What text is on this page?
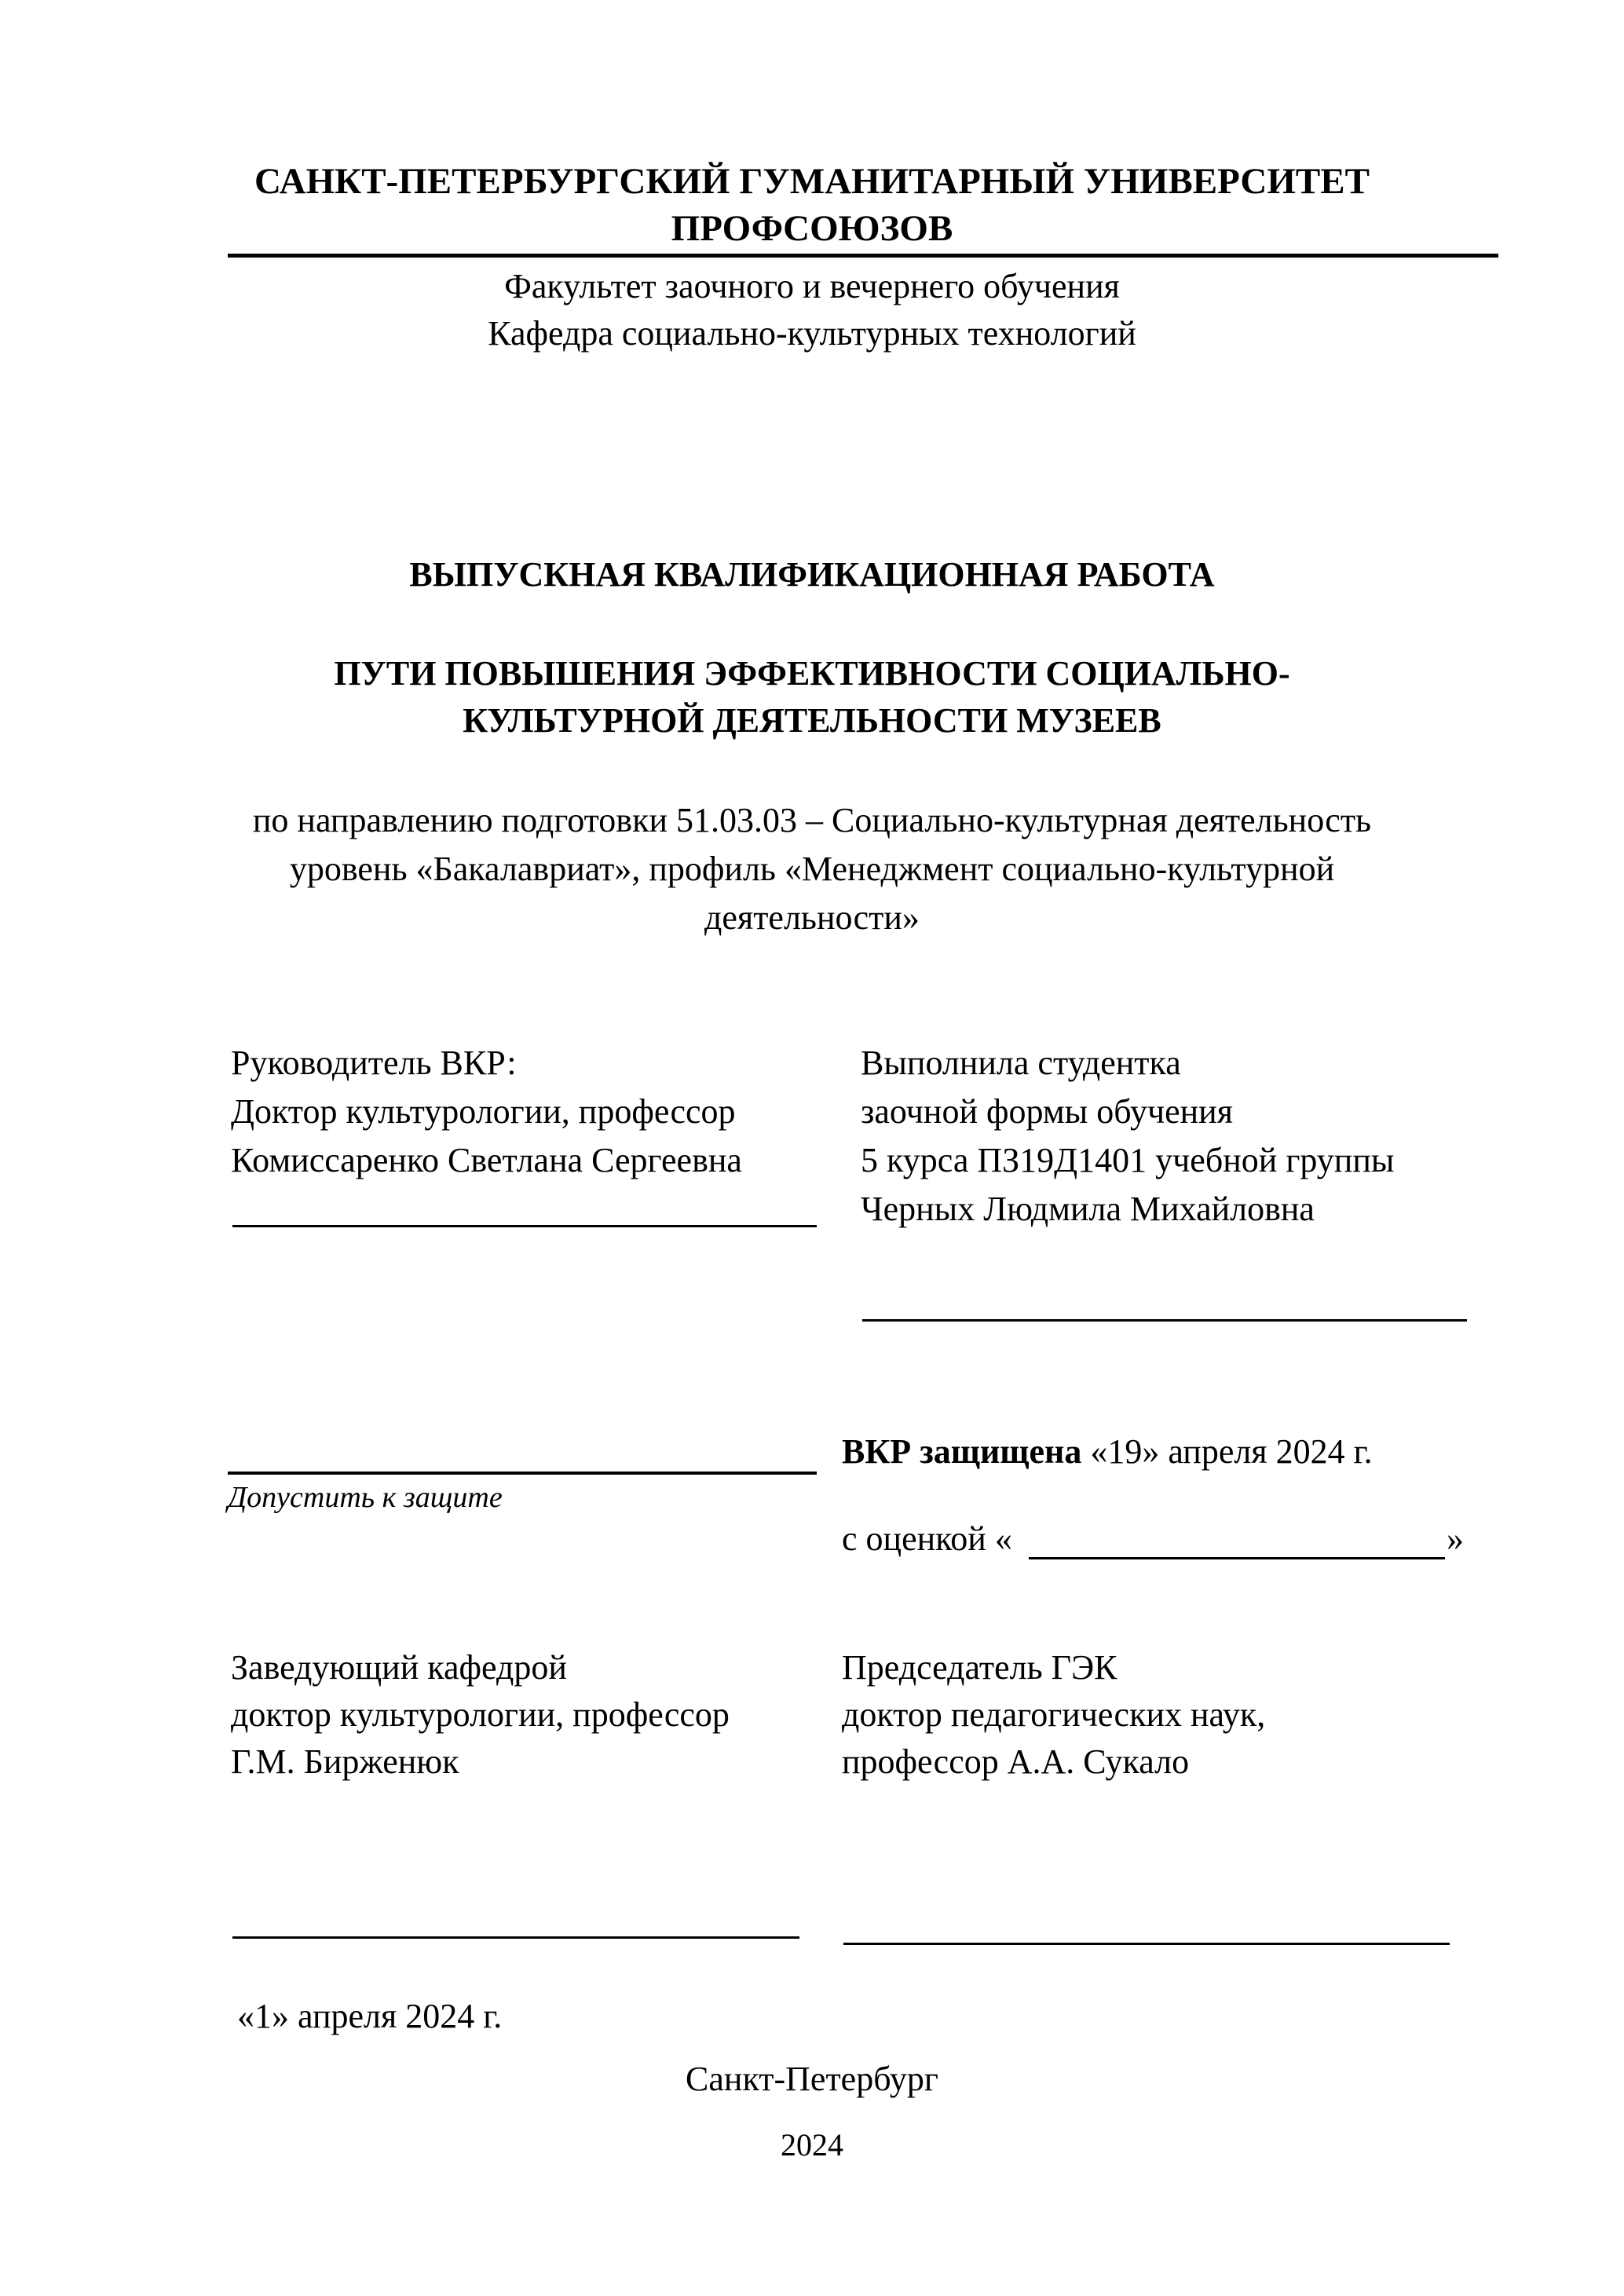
САНКТ-ПЕТЕРБУРГСКИЙ ГУМАНИТАРНЫЙ УНИВЕРСИТЕТ
ПРОФСОЮЗОВ
Факультет заочного и вечернего обучения
Кафедра социально-культурных технологий
ВЫПУСКНАЯ КВАЛИФИКАЦИОННАЯ РАБОТА
ПУТИ ПОВЫШЕНИЯ ЭФФЕКТИВНОСТИ СОЦИАЛЬНО-
КУЛЬТУРНОЙ ДЕЯТЕЛЬНОСТИ МУЗЕЕВ
по направлению подготовки 51.03.03 – Социально-культурная деятельность
уровень «Бакалавриат», профиль «Менеджмент социально-культурной
деятельности»
Руководитель ВКР:
Доктор культурологии, профессор
Комиссаренко Светлана Сергеевна
Выполнила студентка
заочной формы обучения
5 курса ПЗ19Д1401 учебной группы
Черных Людмила Михайловна
Допустить к защите
ВКР защищена «19» апреля 2024 г.
с оценкой «	»
Заведующий кафедрой
доктор культурологии, профессор
Г.М. Бирженюк
Председатель ГЭК
доктор педагогических наук,
профессор А.А. Сукало
«1» апреля 2024 г.
Санкт-Петербург
2024
